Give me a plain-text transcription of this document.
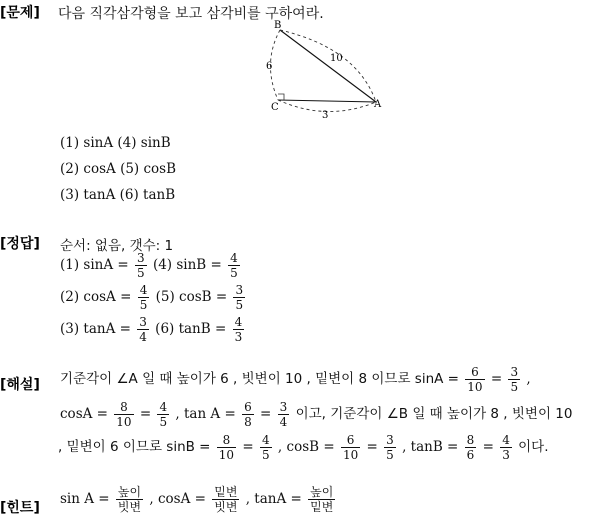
[문제] 다음 직각삼각형을 보고 삼각비를 구하여라.
B
C	A
10
6
3
(1) sinA (4) sinB
(2) cosA (5) cosB
(3) tanA (6) tanB
[정답] 순서: 없음, 갯수: 1
(1) $\sin A = \frac{3}{5} (4) \sin B = \frac{4}{5}$
(2) $\cos A = \frac{4}{5} (5) \cos B = \frac{3}{5}$
(3) $\tan A = \frac{3}{4} (6) \tan B = \frac{4}{3}$
[해설] 기준각이 ∠A 일 때 높이가 6 , 빗변이 10 , 밑변이 8 이므로 $\sin A = \frac{6}{10} = \frac{3}{5}$ ,
$\cos A = \frac{8}{10} = \frac{4}{5}$ , $\tan A = \frac{6}{8} = \frac{3}{4}$ 이고, 기준각이 ∠B 일 때 높이가 8 , 빗변이 10
, 밑변이 6 이므로 $\sin B = \frac{8}{10} = \frac{4}{5}$ , $\cos B = \frac{6}{10} = \frac{3}{5}$ , $\tan B = \frac{8}{6} = \frac{4}{3}$ 이다.
[힌트]
$\sin A = \frac{\text{높이}}{\text{빗변}}$ , $\cos A = \frac{\text{밑변}}{\text{빗변}}$ , $\tan A = \frac{\text{높이}}{\text{밑변}}$
